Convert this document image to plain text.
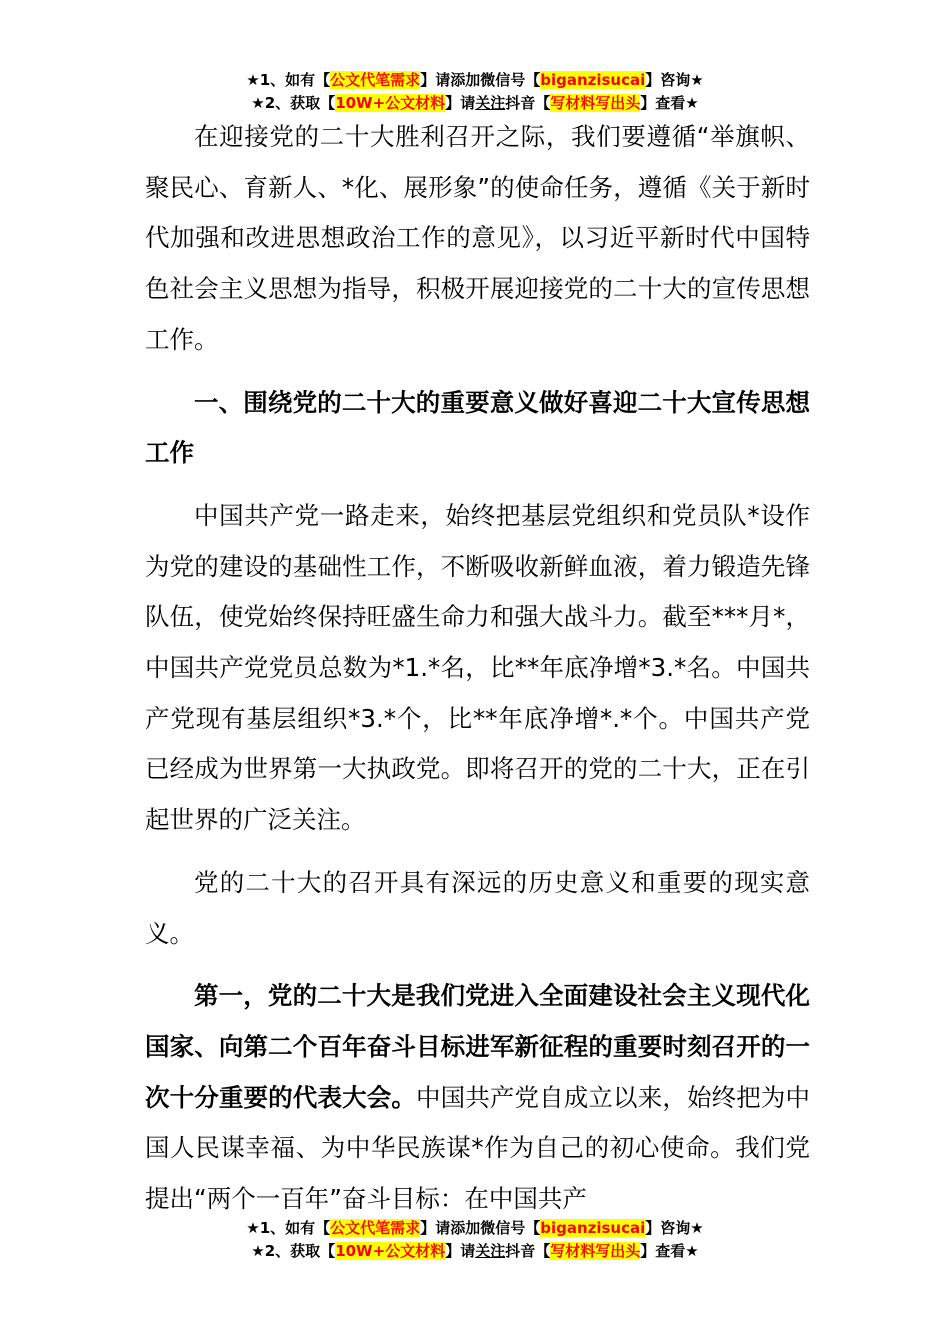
★1、如有【公文代笔需求】请添加微信号【biganzisucai】咨询★
★2、获取【10W+公文材料】请关注抖音【写材料写出头】查看★

在迎接党的二十大胜利召开之际，我们要遵循“举旗帜、聚民心、育新人、*化、展形象”的使命任务，遵循《关于新时代加强和改进思想政治工作的意见》，以习近平新时代中国特色社会主义思想为指导，积极开展迎接党的二十大的宣传思想工作。

一、围绕党的二十大的重要意义做好喜迎二十大宣传思想工作

中国共产党一路走来，始终把基层党组织和党员队*设作为党的建设的基础性工作，不断吸收新鲜血液，着力锻造先锋队伍，使党始终保持旺盛生命力和强大战斗力。截至***月*，中国共产党党员总数为*1.*名，比**年底净增*3.*名。中国共产党现有基层组织*3.*个，比**年底净增*.*个。中国共产党已经成为世界第一大执政党。即将召开的党的二十大，正在引起世界的广泛关注。

党的二十大的召开具有深远的历史意义和重要的现实意义。

第一，党的二十大是我们党进入全面建设社会主义现代化国家、向第二个百年奋斗目标进军新征程的重要时刻召开的一次十分重要的代表大会。中国共产党自成立以来，始终把为中国人民谋幸福、为中华民族谋*作为自己的初心使命。我们党提出“两个一百年”奋斗目标：在中国共产

★1、如有【公文代笔需求】请添加微信号【biganzisucai】咨询★
★2、获取【10W+公文材料】请关注抖音【写材料写出头】查看★
